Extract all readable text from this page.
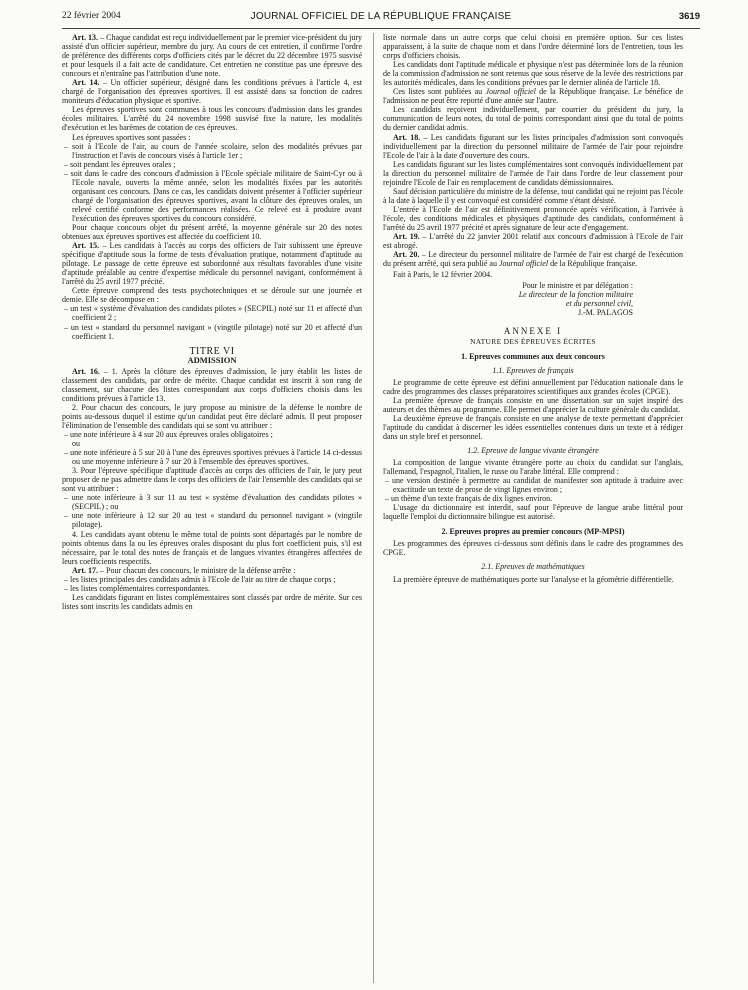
22 février 2004	JOURNAL OFFICIEL DE LA RÉPUBLIQUE FRANÇAISE	3619

Art. 13. – Chaque candidat est reçu individuellement par le premier vice-président du jury assisté d'un officier supérieur, membre du jury. Au cours de cet entretien, il confirme l'ordre de préférence des différents corps d'officiers cités par le décret du 22 décembre 1975 susvisé et pour lesquels il a fait acte de candidature. Cet entretien ne constitue pas une épreuve des concours et n'entraîne pas l'attribution d'une note.

Art. 14. – Un officier supérieur, désigné dans les conditions prévues à l'article 4, est chargé de l'organisation des épreuves sportives. Il est assisté dans sa fonction de cadres moniteurs d'éducation physique et sportive.

Les épreuves sportives sont communes à tous les concours d'admission dans les grandes écoles militaires. L'arrêté du 24 novembre 1998 susvisé fixe la nature, les modalités d'exécution et les barèmes de cotation de ces épreuves.

Les épreuves sportives sont passées :

– soit à l'Ecole de l'air, au cours de l'année scolaire, selon des modalités prévues par l'instruction et l'avis de concours visés à l'article 1er ;

– soit pendant les épreuves orales ;

– soit dans le cadre des concours d'admission à l'Ecole spéciale militaire de Saint-Cyr ou à l'Ecole navale, ouverts la même année, selon les modalités fixées par les autorités organisant ces concours. Dans ce cas, les candidats doivent présenter à l'officier supérieur chargé de l'organisation des épreuves sportives, avant la clôture des épreuves orales, un relevé certifié conforme des performances réalisées. Ce relevé est à produire avant l'exécution des épreuves sportives du concours considéré.

Pour chaque concours objet du présent arrêté, la moyenne générale sur 20 des notes obtenues aux épreuves sportives est affectée du coefficient 10.

Art. 15. – Les candidats à l'accès au corps des officiers de l'air subissent une épreuve spécifique d'aptitude sous la forme de tests d'évaluation pratique, notamment d'aptitude au pilotage. Le passage de cette épreuve est subordonné aux résultats favorables d'une visite d'aptitude préalable au centre d'expertise médicale du personnel navigant, conformément à l'arrêté du 25 avril 1977 précité.

Cette épreuve comprend des tests psychotechniques et se déroule sur une journée et demie. Elle se décompose en :

– un test « système d'évaluation des candidats pilotes » (SECPIL) noté sur 11 et affecté d'un coefficient 2 ;

– un test « standard du personnel navigant » (vingtile pilotage) noté sur 20 et affecté d'un coefficient 1.

TITRE VI

ADMISSION

Art. 16. – 1. Après la clôture des épreuves d'admission, le jury établit les listes de classement des candidats, par ordre de mérite. Chaque candidat est inscrit à son rang de classement, sur chacune des listes correspondant aux corps d'officiers choisis dans les conditions prévues à l'article 13.

2. Pour chacun des concours, le jury propose au ministre de la défense le nombre de points au-dessous duquel il estime qu'un candidat peut être déclaré admis. Il peut proposer l'élimination de l'ensemble des candidats qui se sont vu attribuer :

– une note inférieure à 4 sur 20 aux épreuves orales obligatoires ;

ou

– une note inférieure à 5 sur 20 à l'une des épreuves sportives prévues à l'article 14 ci-dessus ou une moyenne inférieure à 7 sur 20 à l'ensemble des épreuves sportives.

3. Pour l'épreuve spécifique d'aptitude d'accès au corps des officiers de l'air, le jury peut proposer de ne pas admettre dans le corps des officiers de l'air l'ensemble des candidats qui se sont vu attribuer :

– une note inférieure à 3 sur 11 au test « système d'évaluation des candidats pilotes » (SECPIL) ; ou

– une note inférieure à 12 sur 20 au test « standard du personnel navigant » (vingtile pilotage).

4. Les candidats ayant obtenu le même total de points sont départagés par le nombre de points obtenus dans la ou les épreuves orales disposant du plus fort coefficient puis, s'il est nécessaire, par le total des notes de français et de langues vivantes étrangères affectées de leurs coefficients respectifs.

Art. 17. – Pour chacun des concours, le ministre de la défense arrête :

– les listes principales des candidats admis à l'Ecole de l'air au titre de chaque corps ;

– les listes complémentaires correspondantes.

Les candidats figurant en listes complémentaires sont classés par ordre de mérite. Sur ces listes sont inscrits les candidats admis en

liste normale dans un autre corps que celui choisi en première option. Sur ces listes apparaissent, à la suite de chaque nom et dans l'ordre déterminé lors de l'entretien, tous les corps d'officiers choisis.

Les candidats dont l'aptitude médicale et physique n'est pas déterminée lors de la réunion de la commission d'admission ne sont retenus que sous réserve de la levée des restrictions par les autorités médicales, dans les conditions prévues par le dernier alinéa de l'article 18.

Ces listes sont publiées au Journal officiel de la République française. Le bénéfice de l'admission ne peut être reporté d'une année sur l'autre.

Les candidats reçoivent individuellement, par courrier du président du jury, la communication de leurs notes, du total de points correspondant ainsi que du total de points du dernier candidat admis.

Art. 18. – Les candidats figurant sur les listes principales d'admission sont convoqués individuellement par la direction du personnel militaire de l'armée de l'air pour rejoindre l'Ecole de l'air à la date d'ouverture des cours.

Les candidats figurant sur les listes complémentaires sont convoqués individuellement par la direction du personnel militaire de l'armée de l'air dans l'ordre de leur classement pour rejoindre l'Ecole de l'air en remplacement de candidats démissionnaires.

Sauf décision particulière du ministre de la défense, tout candidat qui ne rejoint pas l'école à la date à laquelle il y est convoqué est considéré comme s'étant désisté.

L'entrée à l'Ecole de l'air est définitivement prononcée après vérification, à l'arrivée à l'école, des conditions médicales et physiques d'aptitude des candidats, conformément à l'arrêté du 25 avril 1977 précité et après signature de leur acte d'engagement.

Art. 19. – L'arrêté du 22 janvier 2001 relatif aux concours d'admission à l'Ecole de l'air est abrogé.

Art. 20. – Le directeur du personnel militaire de l'armée de l'air est chargé de l'exécution du présent arrêté, qui sera publié au Journal officiel de la République française.

Fait à Paris, le 12 février 2004.

Pour le ministre et par délégation :

Le directeur de la fonction militaire

et du personnel civil,

J.-M. PALAGOS

ANNEXE I

NATURE DES ÉPREUVES ÉCRITES

1. Epreuves communes aux deux concours

1.1. Epreuves de français

Le programme de cette épreuve est défini annuellement par l'éducation nationale dans le cadre des programmes des classes préparatoires scientifiques aux grandes écoles (CPGE).

La première épreuve de français consiste en une dissertation sur un sujet inspiré des auteurs et des thèmes au programme. Elle permet d'apprécier la culture générale du candidat.

La deuxième épreuve de français consiste en une analyse de texte permettant d'apprécier l'aptitude du candidat à discerner les idées essentielles contenues dans un texte et à rédiger dans un style bref et personnel.

1.2. Epreuve de langue vivante étrangère

La composition de langue vivante étrangère porte au choix du candidat sur l'anglais, l'allemand, l'espagnol, l'italien, le russe ou l'arabe littéral. Elle comprend :

– une version destinée à permettre au candidat de manifester son aptitude à traduire avec exactitude un texte de prose de vingt lignes environ ;

– un thème d'un texte français de dix lignes environ.

L'usage du dictionnaire est interdit, sauf pour l'épreuve de langue arabe littéral pour laquelle l'emploi du dictionnaire bilingue est autorisé.

2. Epreuves propres au premier concours (MP-MPSI)

Les programmes des épreuves ci-dessous sont définis dans le cadre des programmes des CPGE.

2.1. Epreuves de mathématiques

La première épreuve de mathématiques porte sur l'analyse et la géométrie différentielle.
